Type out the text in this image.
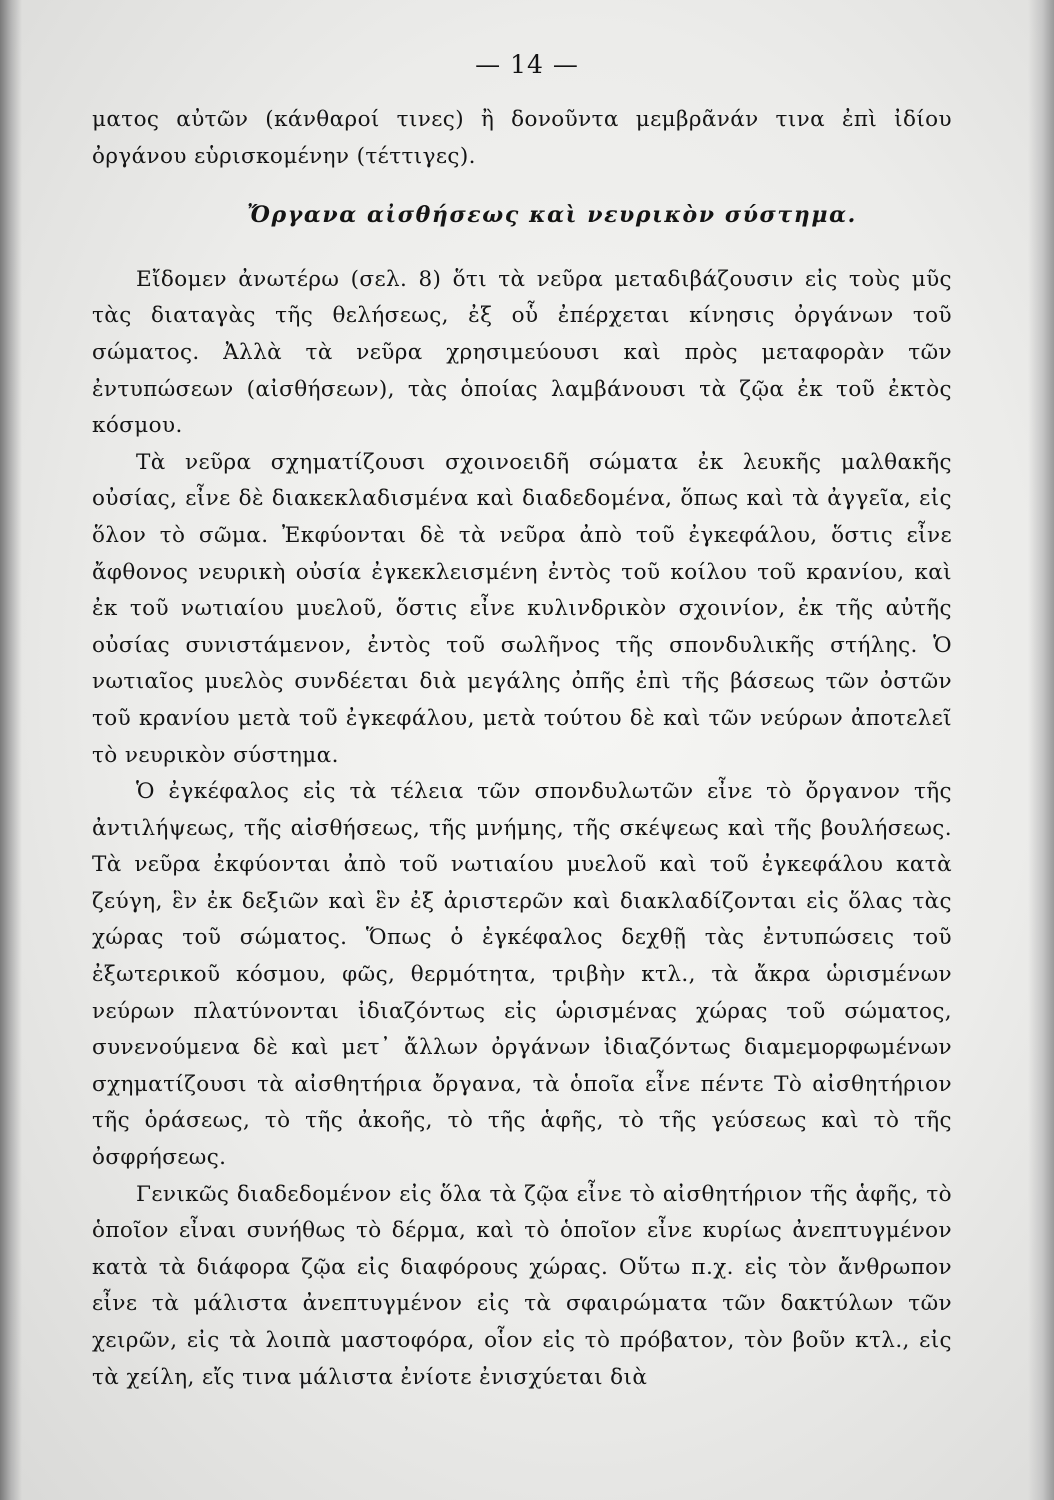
— 14 —

ματος αὐτῶν (κάνθαροί τινες) ἢ δονοῦντα μεμβρᾶνάν τινα ἐπὶ ἰδίου

ὀργάνου εὑρισκομένην (τέττιγες).

Ὄργανα αἰσθήσεως καὶ νευρικὸν σύστημα.

Εἴδομεν ἀνωτέρω (σελ. 8) ὅτι τὰ νεῦρα μεταδιβάζουσιν εἰς τοὺς μῦς τὰς διαταγὰς τῆς θελήσεως, ἐξ οὗ ἐπέρχεται κίνησις ὀργάνων τοῦ σώματος. Ἀλλὰ τὰ νεῦρα χρησιμεύουσι καὶ πρὸς μεταφορὰν τῶν ἐντυπώσεων (αἰσθήσεων), τὰς ὁποίας λαμβάνουσι τὰ ζῷα ἐκ τοῦ ἐκτὸς κόσμου.

Τὰ νεῦρα σχηματίζουσι σχοινοειδῆ σώματα ἐκ λευκῆς μαλθακῆς οὐσίας, εἶνε δὲ διακεκλαδισμένα καὶ διαδεδομένα, ὅπως καὶ τὰ ἀγγεῖα, εἰς ὅλον τὸ σῶμα. Ἐκφύονται δὲ τὰ νεῦρα ἀπὸ τοῦ ἐγκεφάλου, ὅστις εἶνε ἄφθονος νευρικὴ οὐσία ἐγκεκλεισμένη ἐντὸς τοῦ κοίλου τοῦ κρανίου, καὶ ἐκ τοῦ νωτιαίου μυελοῦ, ὅστις εἶνε κυλινδρικὸν σχοινίον, ἐκ τῆς αὐτῆς οὐσίας συνιστάμενον, ἐντὸς τοῦ σωλῆνος τῆς σπονδυλικῆς στήλης. Ὁ νωτιαῖος μυελὸς συνδέεται διὰ μεγάλης ὀπῆς ἐπὶ τῆς βάσεως τῶν ὀστῶν τοῦ κρανίου μετὰ τοῦ ἐγκεφάλου, μετὰ τούτου δὲ καὶ τῶν νεύρων ἀποτελεῖ τὸ νευρικὸν σύστημα.

Ὁ ἐγκέφαλος εἰς τὰ τέλεια τῶν σπονδυλωτῶν εἶνε τὸ ὄργανον τῆς ἀντιλήψεως, τῆς αἰσθήσεως, τῆς μνήμης, τῆς σκέψεως καὶ τῆς βουλήσεως. Τὰ νεῦρα ἐκφύονται ἀπὸ τοῦ νωτιαίου μυελοῦ καὶ τοῦ ἐγκεφάλου κατὰ ζεύγη, ἓν ἐκ δεξιῶν καὶ ἓν ἐξ ἀριστερῶν καὶ διακλαδίζονται εἰς ὅλας τὰς χώρας τοῦ σώματος. Ὅπως ὁ ἐγκέφαλος δεχθῇ τὰς ἐντυπώσεις τοῦ ἐξωτερικοῦ κόσμου, φῶς, θερμότητα, τριβὴν κτλ., τὰ ἄκρα ὡρισμένων νεύρων πλατύνονται ἰδιαζόντως εἰς ὡρισμένας χώρας τοῦ σώματος, συνενούμενα δὲ καὶ μετ᾽ ἄλλων ὀργάνων ἰδιαζόντως διαμεμορφωμένων σχηματίζουσι τὰ αἰσθητήρια ὄργανα, τὰ ὁποῖα εἶνε πέντε Τὸ αἰσθητήριον τῆς ὁράσεως, τὸ τῆς ἀκοῆς, τὸ τῆς ἁφῆς, τὸ τῆς γεύσεως καὶ τὸ τῆς ὀσφρήσεως.

Γενικῶς διαδεδομένον εἰς ὅλα τὰ ζῷα εἶνε τὸ αἰσθητήριον τῆς ἁφῆς, τὸ ὁποῖον εἶναι συνήθως τὸ δέρμα, καὶ τὸ ὁποῖον εἶνε κυρίως ἀνεπτυγμένον κατὰ τὰ διάφορα ζῷα εἰς διαφόρους χώρας. Οὕτω π.χ. εἰς τὸν ἄνθρωπον εἶνε τὰ μάλιστα ἀνεπτυγμένον εἰς τὰ σφαιρώματα τῶν δακτύλων τῶν χειρῶν, εἰς τὰ λοιπὰ μαστοφόρα, οἷον εἰς τὸ πρόβατον, τὸν βοῦν κτλ., εἰς τὰ χείλη, εἴς τινα μάλιστα ἐνίοτε ἐνισχύεται διὰ
